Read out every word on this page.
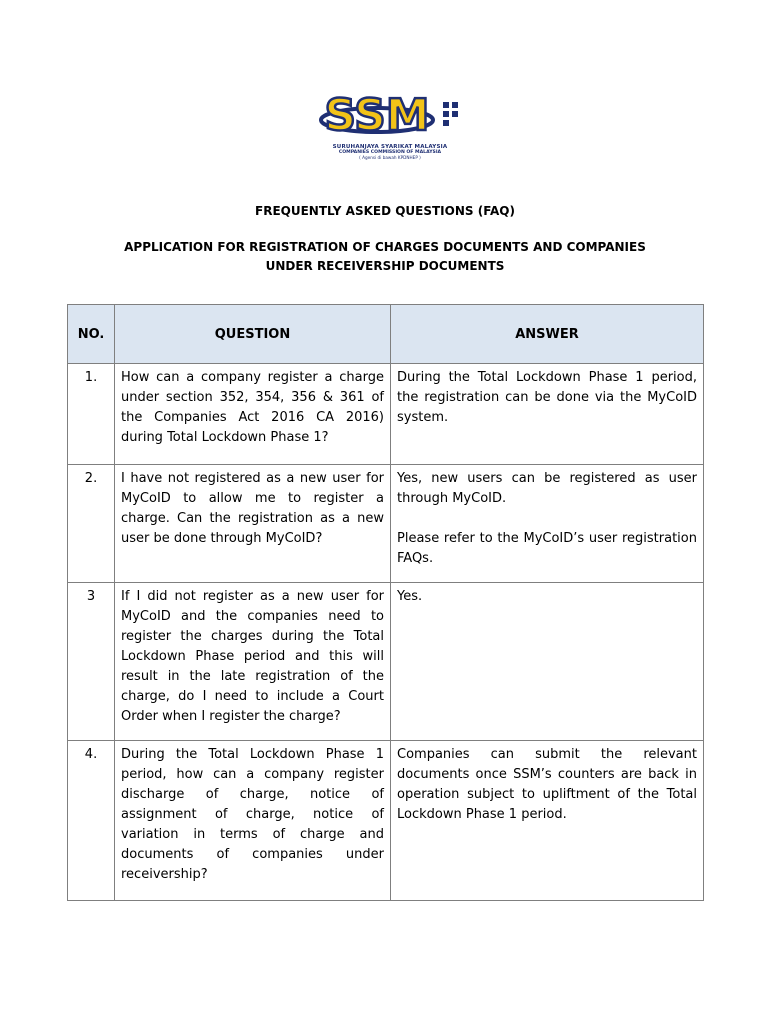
SSM
SURUHANJAYA SYARIKAT MALAYSIA
COMPANIES COMMISSION OF MALAYSIA
( Agensi di bawah KPDNHEP )
FREQUENTLY ASKED QUESTIONS (FAQ)
APPLICATION FOR REGISTRATION OF CHARGES DOCUMENTS AND COMPANIES
UNDER RECEIVERSHIP DOCUMENTS
NO.	QUESTION	ANSWER
1.	How can a company register a charge under section 352, 354, 356 & 361 of the Companies Act 2016 CA 2016) during Total Lockdown Phase 1?	During the Total Lockdown Phase 1 period, the registration can be done via the MyCoID system.

2.	I have not registered as a new user for MyCoID to allow me to register a charge. Can the registration as a new user be done through MyCoID?	Yes, new users can be registered as user through MyCoID.

Please refer to the MyCoID’s user registration FAQs.

3	If I did not register as a new user for MyCoID and the companies need to register the charges during the Total Lockdown Phase period and this will result in the late registration of the charge, do I need to include a Court Order when I register the charge?	Yes.

4.	During the Total Lockdown Phase 1 period, how can a company register discharge of charge, notice of assignment of charge, notice of variation in terms of charge and documents of companies under receivership?	Companies can submit the relevant documents once SSM’s counters are back in operation subject to upliftment of the Total Lockdown Phase 1 period.
